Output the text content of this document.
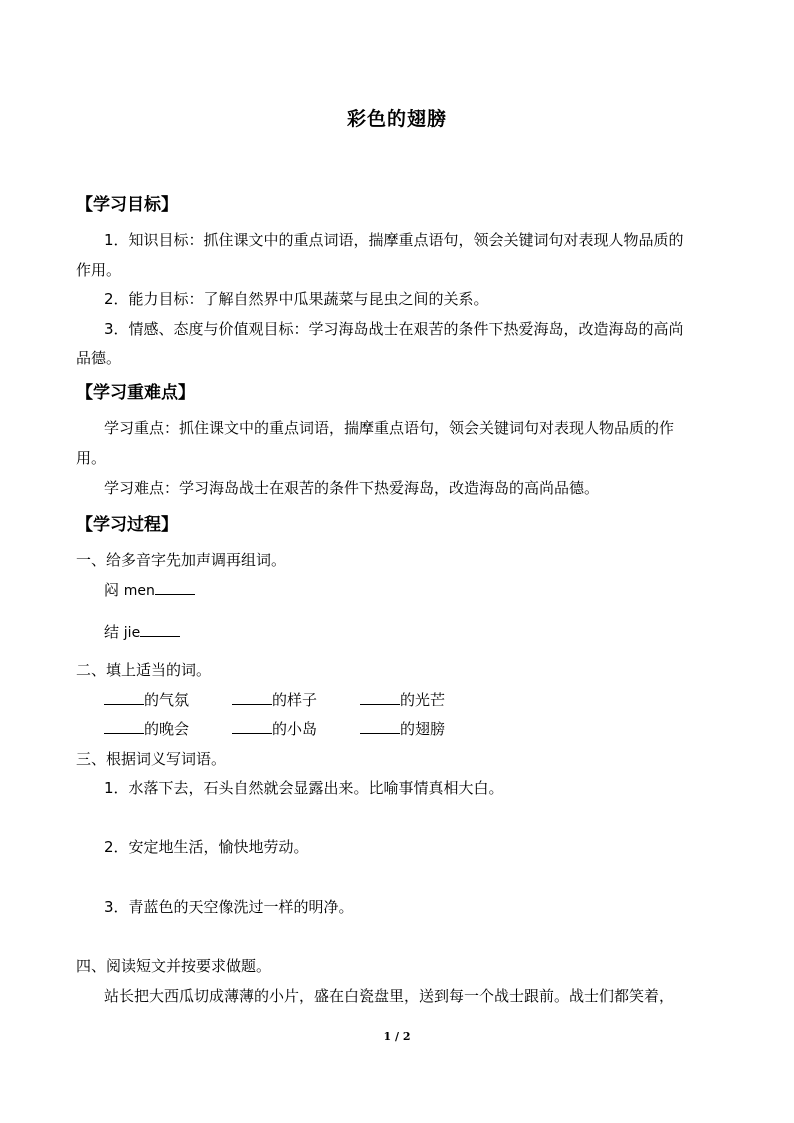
彩色的翅膀
【学习目标】
1．知识目标：抓住课文中的重点词语，揣摩重点语句，领会关键词句对表现人物品质的
作用。
2．能力目标：了解自然界中瓜果蔬菜与昆虫之间的关系。
3．情感、态度与价值观目标：学习海岛战士在艰苦的条件下热爱海岛，改造海岛的高尚
品德。
【学习重难点】
学习重点：抓住课文中的重点词语，揣摩重点语句，领会关键词句对表现人物品质的作
用。
学习难点：学习海岛战士在艰苦的条件下热爱海岛，改造海岛的高尚品德。
【学习过程】
一、给多音字先加声调再组词。
闷 men
结 jie
二、填上适当的词。
的气氛	的样子	的光芒
的晚会	的小岛	的翅膀
三、根据词义写词语。
1．水落下去，石头自然就会显露出来。比喻事情真相大白。
2．安定地生活，愉快地劳动。
3．青蓝色的天空像洗过一样的明净。
四、阅读短文并按要求做题。
站长把大西瓜切成薄薄的小片，盛在白瓷盘里，送到每一个战士跟前。战士们都笑着，
1 / 2
